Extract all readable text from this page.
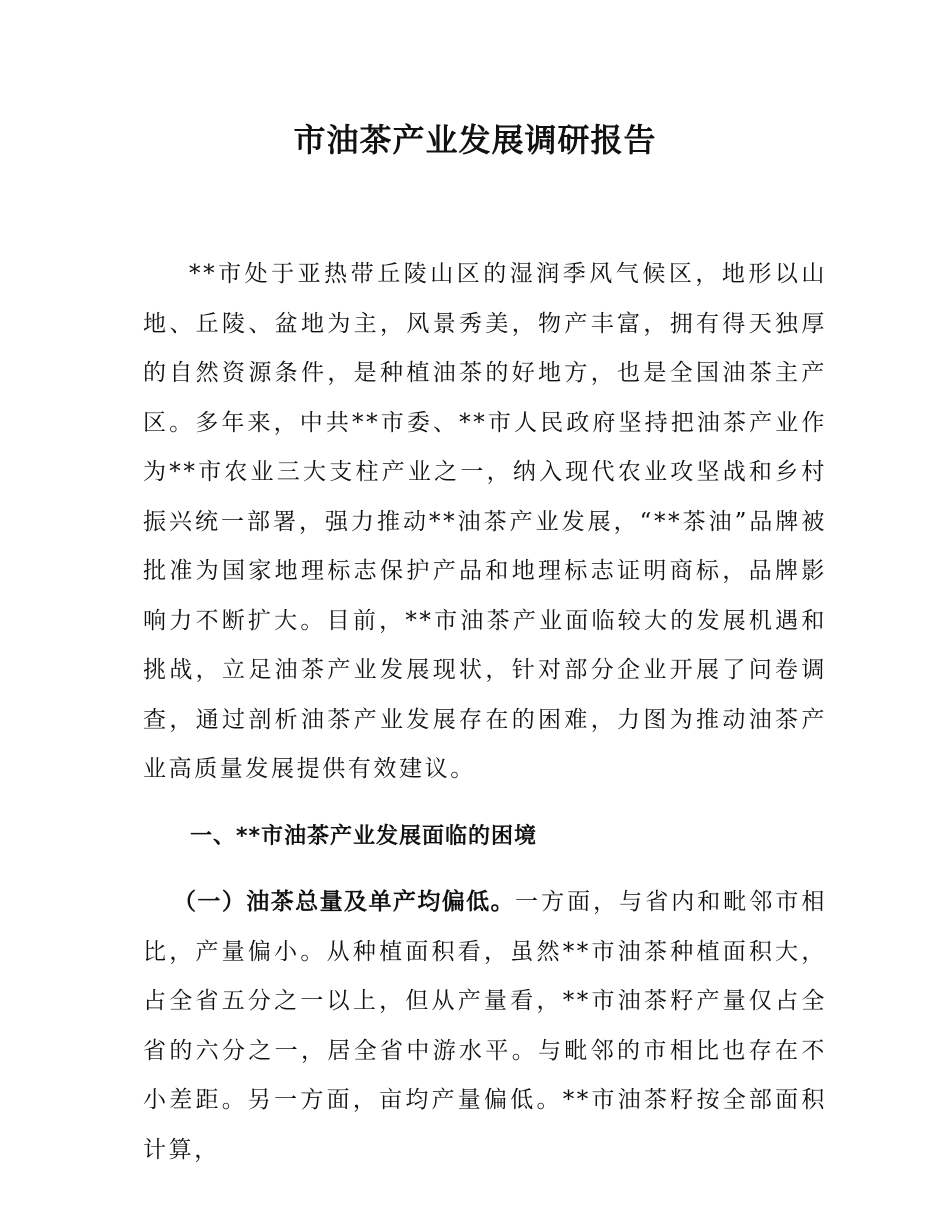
市油茶产业发展调研报告

**市处于亚热带丘陵山区的湿润季风气候区，地形以山地、丘陵、盆地为主，风景秀美，物产丰富，拥有得天独厚的自然资源条件，是种植油茶的好地方，也是全国油茶主产区。多年来，中共**市委、**市人民政府坚持把油茶产业作为**市农业三大支柱产业之一，纳入现代农业攻坚战和乡村振兴统一部署，强力推动**油茶产业发展，“**茶油”品牌被批准为国家地理标志保护产品和地理标志证明商标，品牌影响力不断扩大。目前，**市油茶产业面临较大的发展机遇和挑战，立足油茶产业发展现状，针对部分企业开展了问卷调查，通过剖析油茶产业发展存在的困难，力图为推动油茶产业高质量发展提供有效建议。

一、**市油茶产业发展面临的困境

（一）油茶总量及单产均偏低。一方面，与省内和毗邻市相比，产量偏小。从种植面积看，虽然**市油茶种植面积大，占全省五分之一以上，但从产量看，**市油茶籽产量仅占全省的六分之一，居全省中游水平。与毗邻的市相比也存在不小差距。另一方面，亩均产量偏低。**市油茶籽按全部面积计算，
